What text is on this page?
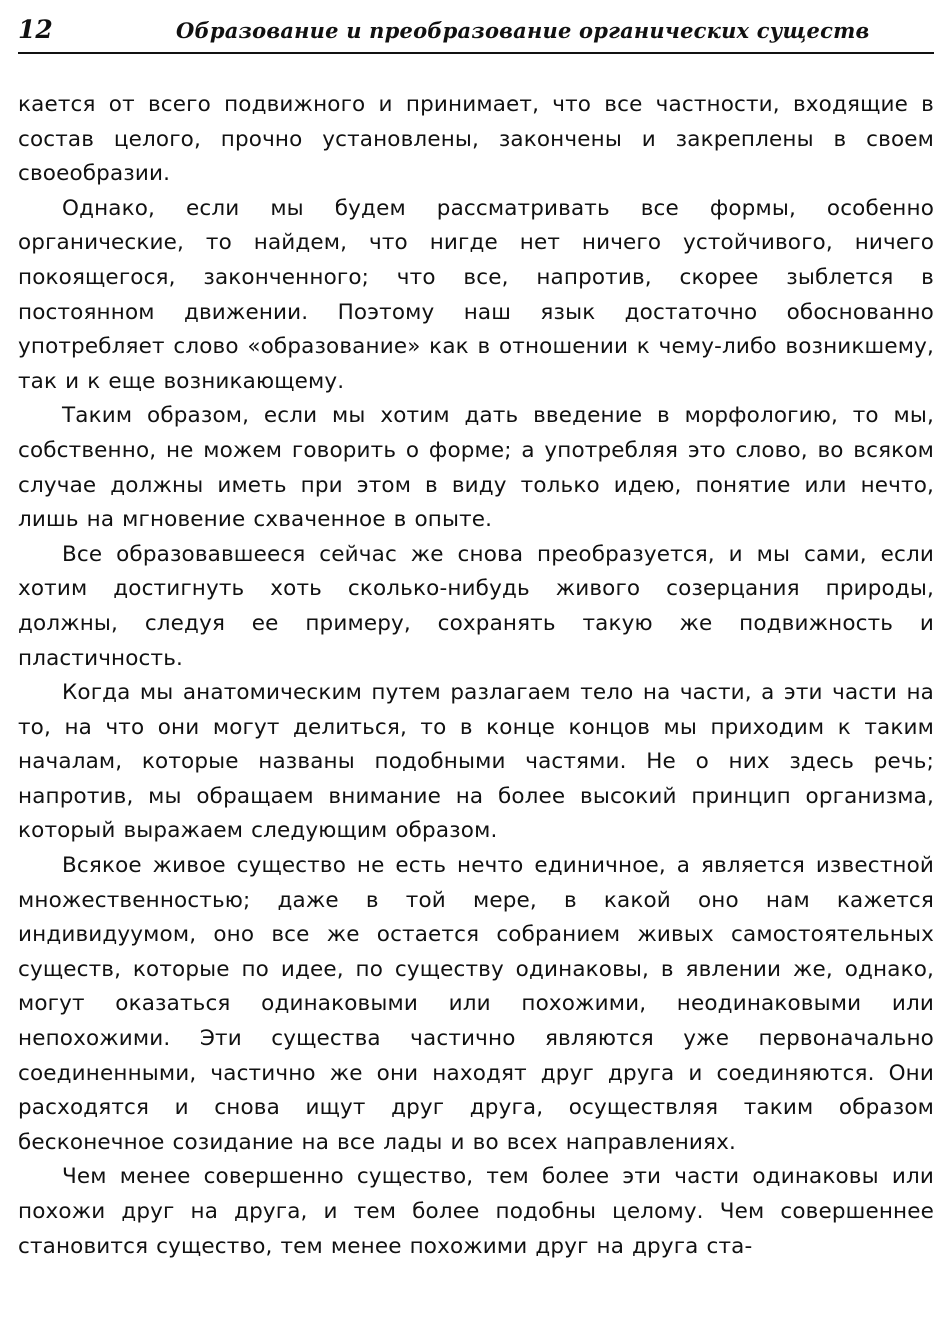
12	Образование и преобразование органических существ

кается от всего подвижного и принимает, что все частности, входящие в состав целого, прочно установлены, закончены и закреплены в своем своеобразии.

Однако, если мы будем рассматривать все формы, особенно органические, то найдем, что нигде нет ничего устойчивого, ничего покоящегося, законченного; что все, напротив, скорее зыблется в постоянном движении. Поэтому наш язык достаточно обоснованно употребляет слово «образование» как в отношении к чему-либо возникшему, так и к еще возникающему.

Таким образом, если мы хотим дать введение в морфологию, то мы, собственно, не можем говорить о форме; а употребляя это слово, во всяком случае должны иметь при этом в виду только идею, понятие или нечто, лишь на мгновение схваченное в опыте.

Все образовавшееся сейчас же снова преобразуется, и мы сами, если хотим достигнуть хоть сколько-нибудь живого созерцания природы, должны, следуя ее примеру, сохранять такую же подвижность и пластичность.

Когда мы анатомическим путем разлагаем тело на части, а эти части на то, на что они могут делиться, то в конце концов мы приходим к таким началам, которые названы подобными частями. Не о них здесь речь; напротив, мы обращаем внимание на более высокий принцип организма, который выражаем следующим образом.

Всякое живое существо не есть нечто единичное, а является известной множественностью; даже в той мере, в какой оно нам кажется индивидуумом, оно все же остается собранием живых самостоятельных существ, которые по идее, по существу одинаковы, в явлении же, однако, могут оказаться одинаковыми или похожими, неодинаковыми или непохожими. Эти существа частично являются уже первоначально соединенными, частично же они находят друг друга и соединяются. Они расходятся и снова ищут друг друга, осуществляя таким образом бесконечное созидание на все лады и во всех направлениях.

Чем менее совершенно существо, тем более эти части одинаковы или похожи друг на друга, и тем более подобны целому. Чем совершеннее становится существо, тем менее похожими друг на друга ста-
